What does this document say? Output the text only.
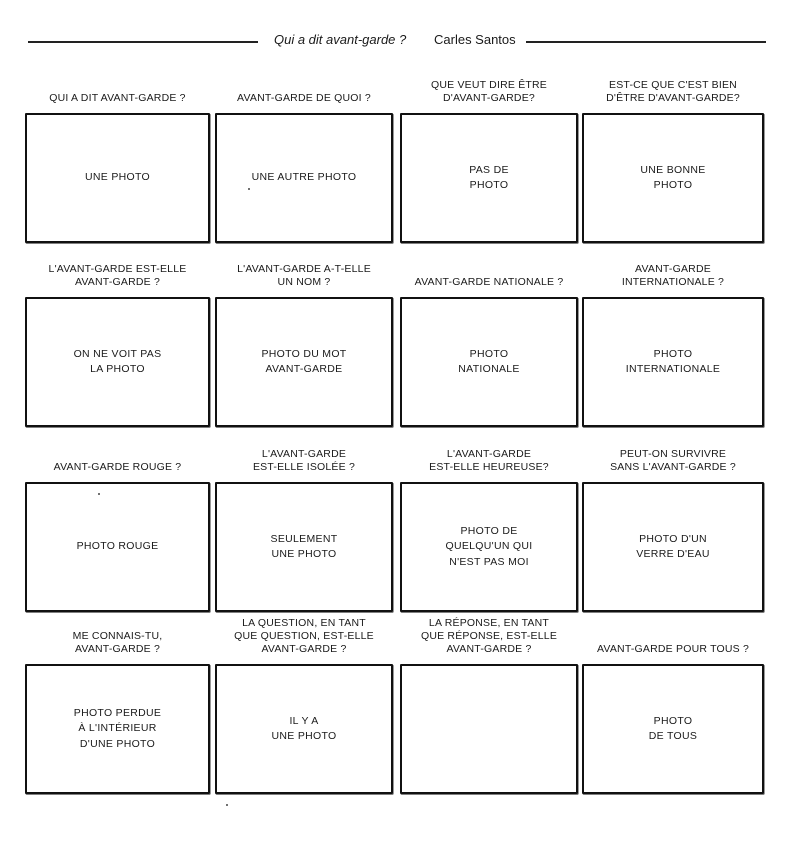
Qui a dit avant-garde ? Carles Santos
QUI A DIT AVANT-GARDE ?
UNE PHOTO
AVANT-GARDE DE QUOI ?
UNE AUTRE PHOTO
QUE VEUT DIRE ÊTRE
D'AVANT-GARDE?
PAS DE
PHOTO
EST-CE QUE C'EST BIEN
D'ÊTRE D'AVANT-GARDE?
UNE BONNE
PHOTO
L'AVANT-GARDE EST-ELLE
AVANT-GARDE ?
ON NE VOIT PAS
LA PHOTO
L'AVANT-GARDE A-T-ELLE
UN NOM ?
PHOTO DU MOT
AVANT-GARDE
AVANT-GARDE NATIONALE ?
PHOTO
NATIONALE
AVANT-GARDE
INTERNATIONALE ?
PHOTO
INTERNATIONALE
AVANT-GARDE ROUGE ?
PHOTO ROUGE
L'AVANT-GARDE
EST-ELLE ISOLÉE ?
SEULEMENT
UNE PHOTO
L'AVANT-GARDE
EST-ELLE HEUREUSE?
PHOTO DE
QUELQU'UN QUI
N'EST PAS MOI
PEUT-ON SURVIVRE
SANS L'AVANT-GARDE ?
PHOTO D'UN
VERRE D'EAU
ME CONNAIS-TU,
AVANT-GARDE ?
PHOTO PERDUE
À L'INTÉRIEUR
D'UNE PHOTO
LA QUESTION, EN TANT
QUE QUESTION, EST-ELLE
AVANT-GARDE ?
IL Y A
UNE PHOTO
LA RÉPONSE, EN TANT
QUE RÉPONSE, EST-ELLE
AVANT-GARDE ?	AVANT-GARDE POUR TOUS ?
PHOTO
DE TOUS
